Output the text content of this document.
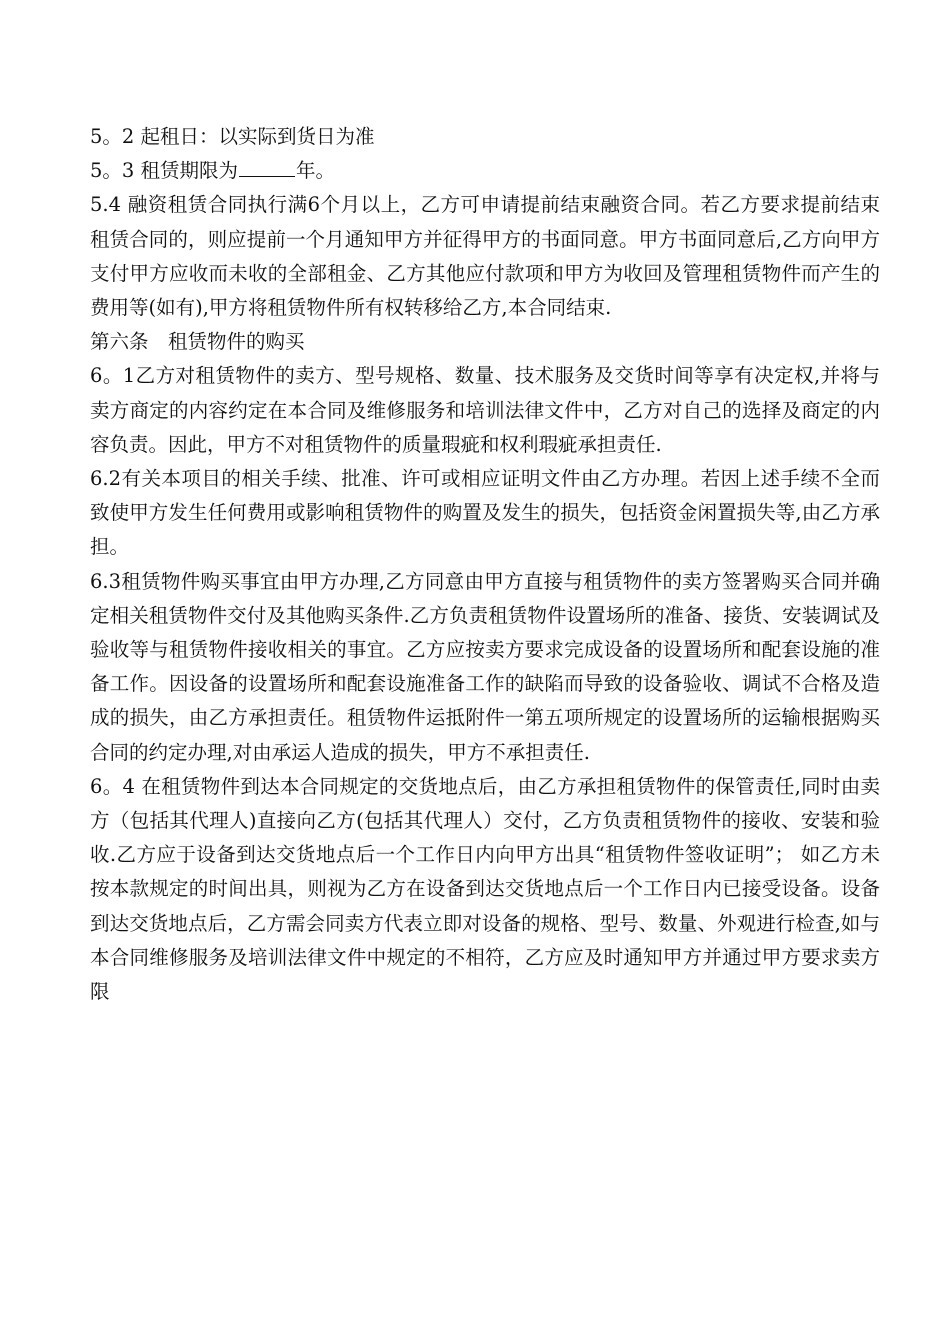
5。2 起租日：以实际到货日为准

5。3 租赁期限为	年。

5.4 融资租赁合同执行满6个月以上，乙方可申请提前结束融资合同。若乙方要求提前结束租赁合同的，则应提前一个月通知甲方并征得甲方的书面同意。甲方书面同意后,乙方向甲方支付甲方应收而未收的全部租金、乙方其他应付款项和甲方为收回及管理租赁物件而产生的费用等(如有),甲方将租赁物件所有权转移给乙方,本合同结束.

第六条　租赁物件的购买

6。1乙方对租赁物件的卖方、型号规格、数量、技术服务及交货时间等享有决定权,并将与卖方商定的内容约定在本合同及维修服务和培训法律文件中，乙方对自己的选择及商定的内容负责。因此，甲方不对租赁物件的质量瑕疵和权利瑕疵承担责任.

6.2有关本项目的相关手续、批准、许可或相应证明文件由乙方办理。若因上述手续不全而致使甲方发生任何费用或影响租赁物件的购置及发生的损失，包括资金闲置损失等,由乙方承担。

6.3租赁物件购买事宜由甲方办理,乙方同意由甲方直接与租赁物件的卖方签署购买合同并确定相关租赁物件交付及其他购买条件.乙方负责租赁物件设置场所的准备、接货、安装调试及验收等与租赁物件接收相关的事宜。乙方应按卖方要求完成设备的设置场所和配套设施的准备工作。因设备的设置场所和配套设施准备工作的缺陷而导致的设备验收、调试不合格及造成的损失，由乙方承担责任。租赁物件运抵附件一第五项所规定的设置场所的运输根据购买合同的约定办理,对由承运人造成的损失，甲方不承担责任.

6。4 在租赁物件到达本合同规定的交货地点后，由乙方承担租赁物件的保管责任,同时由卖方（包括其代理人)直接向乙方(包括其代理人）交付，乙方负责租赁物件的接收、安装和验收.乙方应于设备到达交货地点后一个工作日内向甲方出具“租赁物件签收证明”； 如乙方未按本款规定的时间出具，则视为乙方在设备到达交货地点后一个工作日内已接受设备。设备到达交货地点后，乙方需会同卖方代表立即对设备的规格、型号、数量、外观进行检查,如与本合同维修服务及培训法律文件中规定的不相符，乙方应及时通知甲方并通过甲方要求卖方限
